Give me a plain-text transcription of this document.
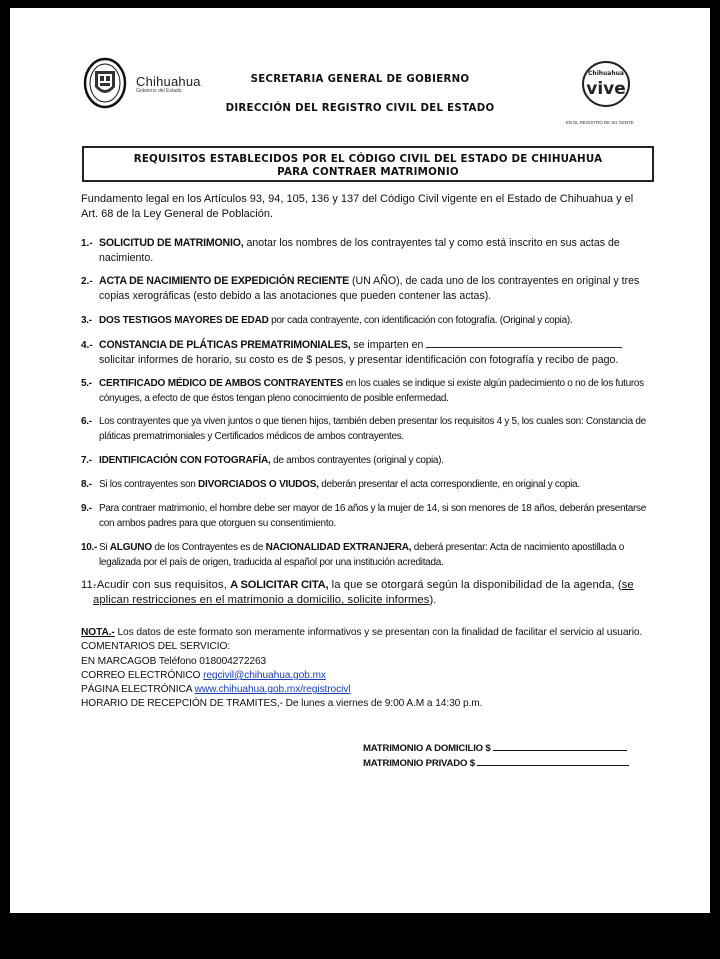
Chihuahua
Gobierno del Estado
SECRETARIA GENERAL DE GOBIERNO
DIRECCIÓN DEL REGISTRO CIVIL DEL ESTADO
Chihuahua
vive
EN EL REGISTRO DE SU GENTE
REQUISITOS ESTABLECIDOS POR EL CÓDIGO CIVIL DEL ESTADO DE CHIHUAHUA
PARA CONTRAER MATRIMONIO
Fundamento legal en los Artículos 93, 94, 105, 136 y 137 del Código Civil vigente en el Estado de Chihuahua y el Art. 68 de la Ley General de Población.
1.- SOLICITUD DE MATRIMONIO, anotar los nombres de los contrayentes tal y como está inscrito en sus actas de nacimiento.
2.- ACTA DE NACIMIENTO DE EXPEDICIÓN RECIENTE (UN AÑO), de cada uno de los contrayentes en original y tres copias xerográficas (esto debido a las anotaciones que pueden contener las actas).
3.- DOS TESTIGOS MAYORES DE EDAD por cada contrayente, con identificación con fotografía. (Original y copia).
4.- CONSTANCIA DE PLÁTICAS PREMATRIMONIALES, se imparten en  solicitar informes de horario, su costo es de $ pesos, y presentar identificación con fotografía y recibo de pago.
5.- CERTIFICADO MÉDICO DE AMBOS CONTRAYENTES en los cuales se indique si existe algún padecimiento o no de los futuros cónyuges, a efecto de que éstos tengan pleno conocimiento de posible enfermedad.
6.- Los contrayentes que ya viven juntos o que tienen hijos, también deben presentar los requisitos 4 y 5, los cuales son: Constancia de pláticas prematrimoniales y Certificados médicos de ambos contrayentes.
7.- IDENTIFICACIÓN CON FOTOGRAFÍA, de ambos contrayentes (original y copia).
8.- Si los contrayentes son DIVORCIADOS O VIUDOS, deberán presentar el acta correspondiente, en original y copia.
9.- Para contraer matrimonio, el hombre debe ser mayor de 16 años y la mujer de 14, si son menores de 18 años, deberán presentarse con ambos padres para que otorguen su consentimiento.
10.- Si ALGUNO de los Contrayentes es de NACIONALIDAD EXTRANJERA, deberá presentar: Acta de nacimiento apostillada o legalizada por el país de origen, traducida al español por una institución acreditada.
11.
-Acudir con sus requisitos, A SOLICITAR CITA, la que se otorgará según la disponibilidad de la agenda, (se aplican restricciones en el matrimonio a domicilio, solicite informes).
NOTA.- Los datos de este formato son meramente informativos y se presentan con la finalidad de facilitar el servicio al usuario.
COMENTARIOS DEL SERVICIO:
EN MARCAGOB Teléfono 018004272263
CORREO ELECTRÓNICO regcivil@chihuahua.gob.mx
PÁGINA ELECTRÓNICA www.chihuahua.gob.mx/registrocivl
HORARIO DE RECEPCIÓN DE TRAMITES,- De lunes a viernes de 9:00 A.M a 14:30 p.m.
MATRIMONIO A DOMICILIO $
MATRIMONIO PRIVADO $
